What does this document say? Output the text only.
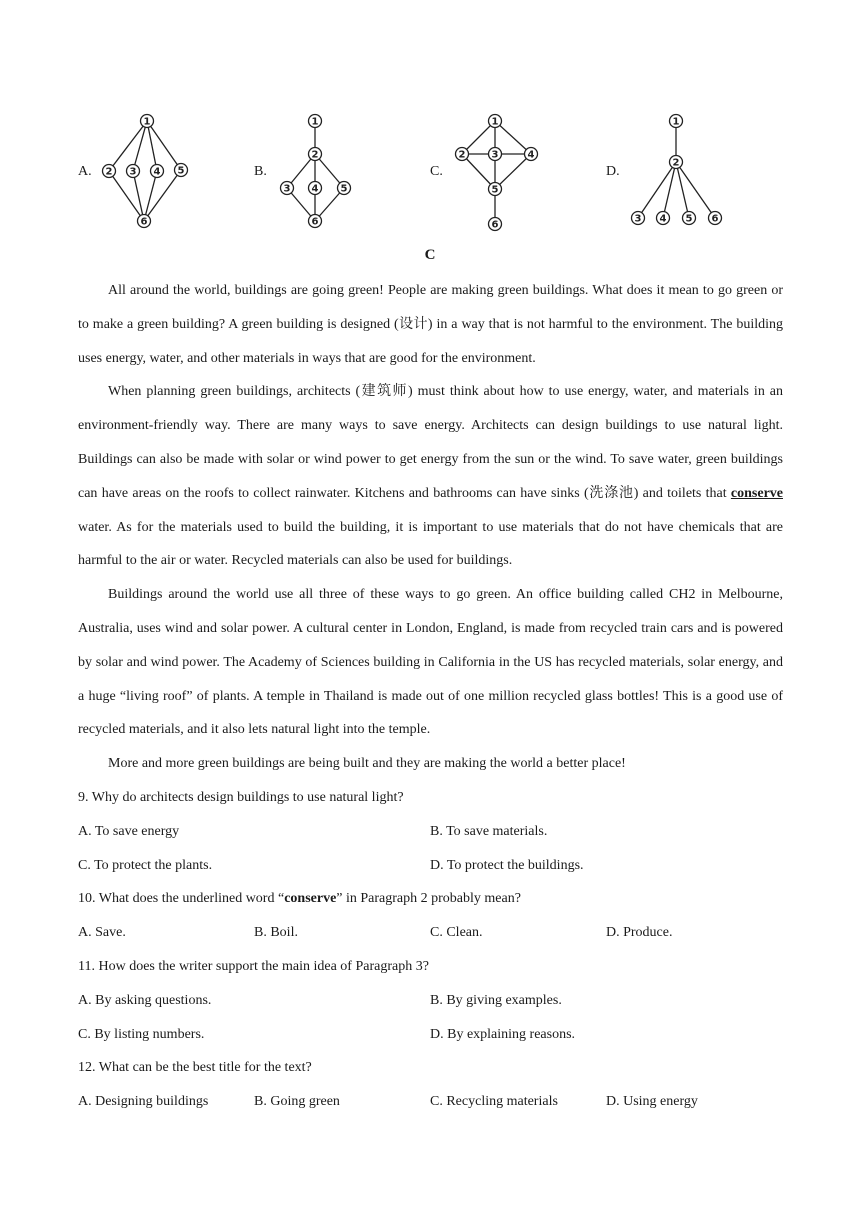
A.
1
2 3 4 5
6
B.
1
2
3 4 5
6
C.
1
2	3	4
5
6
D.
1
2
3 4 5 6
C

All around the world, buildings are going green! People are making green buildings. What does it mean to go green or to make a green building? A green building is designed (设计) in a way that is not harmful to the environment. The building uses energy, water, and other materials in ways that are good for the environment.

When planning green buildings, architects (建筑师) must think about how to use energy, water, and materials in an environment-friendly way. There are many ways to save energy. Architects can design buildings to use natural light. Buildings can also be made with solar or wind power to get energy from the sun or the wind. To save water, green buildings can have areas on the roofs to collect rainwater. Kitchens and bathrooms can have sinks (洗涤池) and toilets that conserve water. As for the materials used to build the building, it is important to use materials that do not have chemicals that are harmful to the air or water. Recycled materials can also be used for buildings.

Buildings around the world use all three of these ways to go green. An office building called CH2 in Melbourne, Australia, uses wind and solar power. A cultural center in London, England, is made from recycled train cars and is powered by solar and wind power. The Academy of Sciences building in California in the US has recycled materials, solar energy, and a huge “living roof” of plants. A temple in Thailand is made out of one million recycled glass bottles! This is a good use of recycled materials, and it also lets natural light into the temple.

More and more green buildings are being built and they are making the world a better place!

9. Why do architects design buildings to use natural light?
A. To save energy	B. To save materials.
C. To protect the plants.	D. To protect the buildings.
10. What does the underlined word “conserve” in Paragraph 2 probably mean?
A. Save.	B. Boil.	C. Clean.	D. Produce.
11. How does the writer support the main idea of Paragraph 3?
A. By asking questions.	B. By giving examples.
C. By listing numbers.	D. By explaining reasons.
12. What can be the best title for the text?
A. Designing buildings	B. Going green	C. Recycling materials	D. Using energy
